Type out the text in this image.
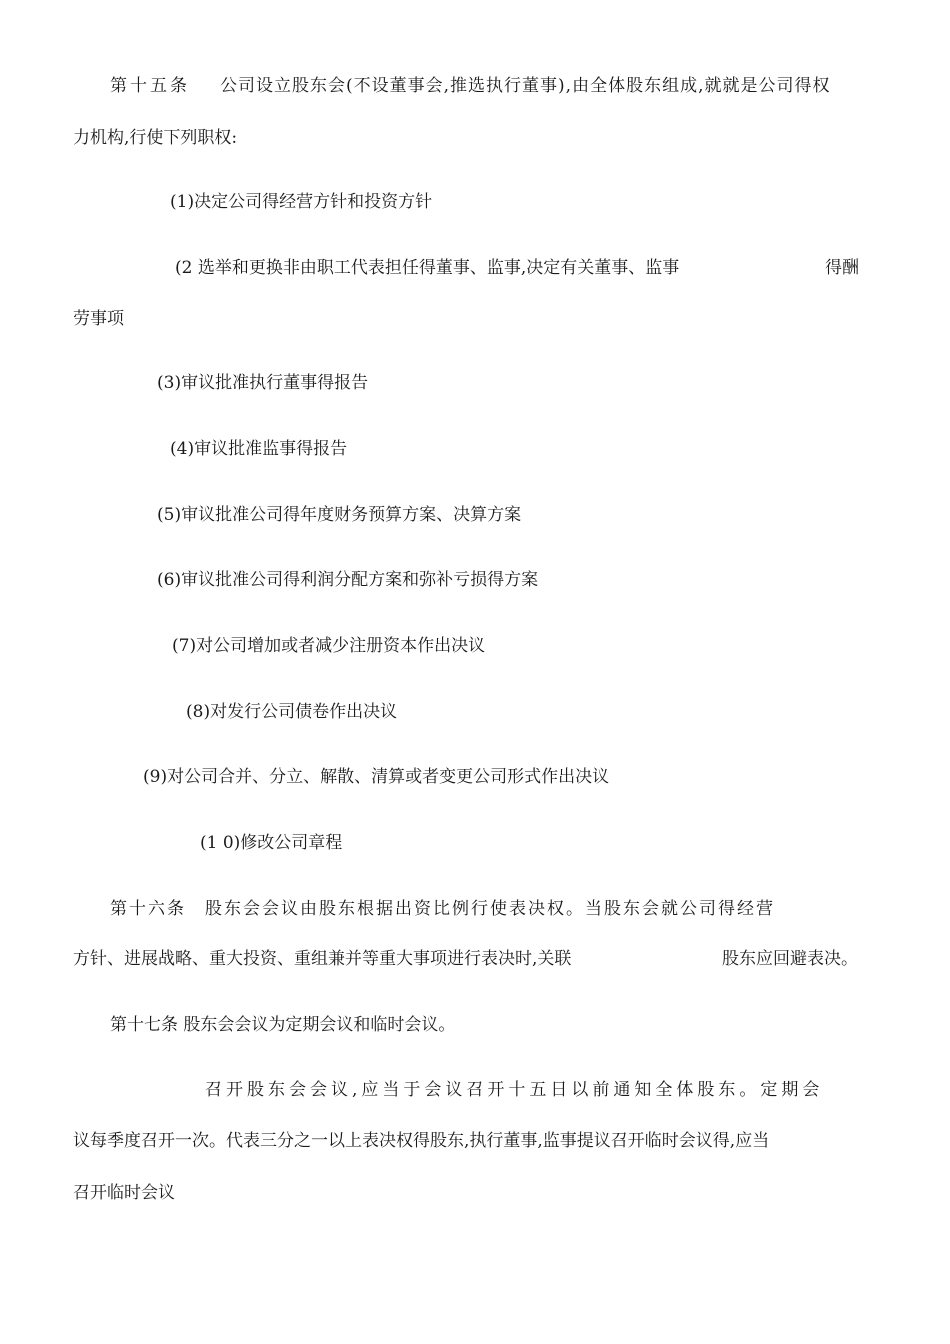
第十五条 公司设立股东会(不设董事会,推选执行董事),由全体股东组成,就就是公司得权
力机构,行使下列职权:
(1)决定公司得经营方针和投资方针
(2 选举和更换非由职工代表担任得董事、监事,决定有关董事、监事	得酬
劳事项
(3)审议批准执行董事得报告
(4)审议批准监事得报告
(5)审议批准公司得年度财务预算方案、决算方案
(6)审议批准公司得利润分配方案和弥补亏损得方案
(7)对公司增加或者减少注册资本作出决议
(8)对发行公司债卷作出决议
(9)对公司合并、分立、解散、清算或者变更公司形式作出决议
(1 0)修改公司章程
第十六条　股东会会议由股东根据出资比例行使表决权。当股东会就公司得经营
方针、进展战略、重大投资、重组兼并等重大事项进行表决时,关联	股东应回避表决。
第十七条 股东会会议为定期会议和临时会议。
召开股东会会议,应当于会议召开十五日以前通知全体股东。定期会
议每季度召开一次。代表三分之一以上表决权得股东,执行董事,监事提议召开临时会议得,应当
召开临时会议
